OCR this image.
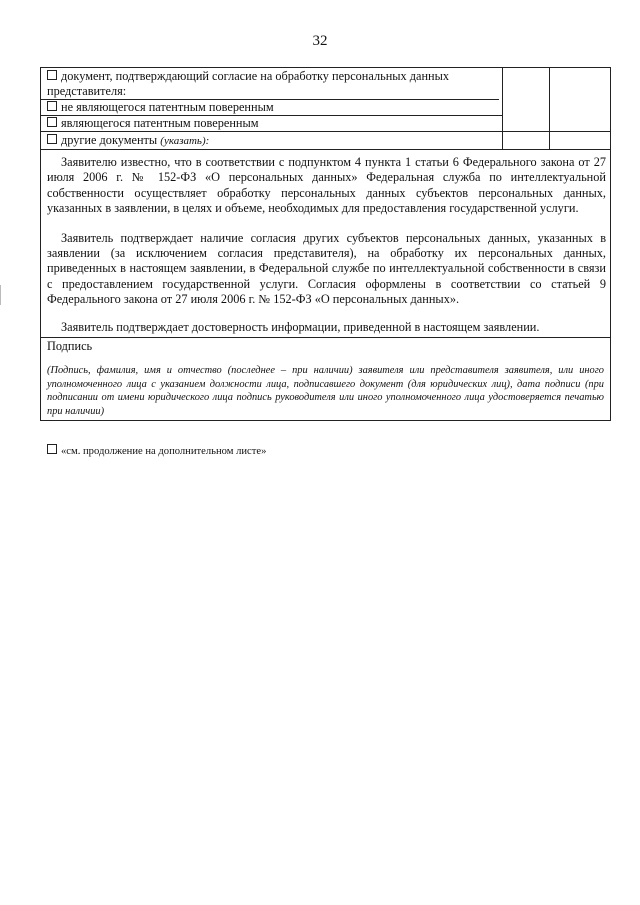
32
документ, подтверждающий согласие на обработку персональных данных представителя:
не являющегося патентным поверенным
являющегося патентным поверенным
другие документы (указать):

Заявителю известно, что в соответствии с подпунктом 4 пункта 1 статьи 6 Федерального закона от 27 июля 2006 г. № 152-ФЗ «О персональных данных» Федеральная служба по интеллектуальной собственности осуществляет обработку персональных данных субъектов персональных данных, указанных в заявлении, в целях и объеме, необходимых для предоставления государственной услуги.

Заявитель подтверждает наличие согласия других субъектов персональных данных, указанных в заявлении (за исключением согласия представителя), на обработку их персональных данных, приведенных в настоящем заявлении, в Федеральной службе по интеллектуальной собственности в связи с предоставлением государственной услуги. Согласия оформлены в соответствии со статьей 9 Федерального закона от 27 июля 2006 г. № 152-ФЗ «О персональных данных».

Заявитель подтверждает достоверность информации, приведенной в настоящем заявлении.

Подпись
(Подпись, фамилия, имя и отчество (последнее – при наличии) заявителя или представителя заявителя, или иного уполномоченного лица с указанием должности лица, подписавшего документ (для юридических лиц), дата подписи (при подписании от имени юридического лица подпись руководителя или иного уполномоченного лица удостоверяется печатью при наличии)
«см. продолжение на дополнительном листе»
